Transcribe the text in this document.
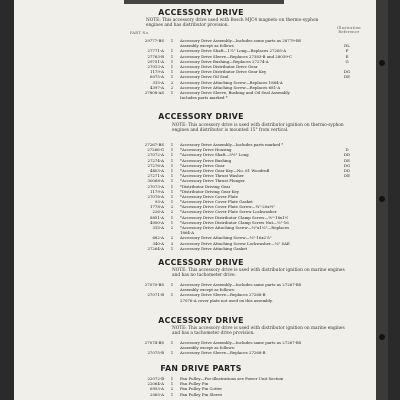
ACCESSORY DRIVE
NOTE: This accessory drive used with Bosch MJC4 magneto on thermo-syphon engines and has distributor provision.
PART No.
Illustration Reference
29777-BS	1	Accessory Drive Assembly—Includes some parts as 28779-BS
Assembly except as follows	DL
27771-A	1	Accessory Drive Shaft—1⅞" Long—Replaces 27265-A	P
27763-B	1	Accessory Drive Sleeve—Replaces 27383-B and 28039-C	E
29751-A	1	Accessory Drive Bushing—Replaces 27274-A	G
27913-A	1	Accessory Drive Distributor Drive Gear
1179-A	1	Accessory Drive Distributor Drive Gear Key	DG
6075-A	1	Accessory Drive Oil Seal	DE
315-A	2	Accessory Drive Attaching Screw—Replaces 1864-A
4397-A	2	Accessory Drive Attaching Screw—Replaces 681-A
27808-AS	1	Accessory Drive Sleeve, Bushing and Oil Seal Assembly
Includes parts marked *
ACCESSORY DRIVE
NOTE: This accessory drive is used with distributor ignition on thermo-syphon engines and distributor is mounted 15° from vertical.
27267-BS	1	Accessory Drive Assembly—Includes parts marked *
27266-G	1	*Accessory Drive Housing	D
27072-A	1	*Accessory Drive Shaft—5½" Long	DD
27274-A	1	*Accessory Drive Bushing	DE
27276-A	1	*Accessory Drive Gear	DG
4403-A	1	*Accessory Drive Gear Key—No. 61 Woodruff	DD
27271-A	1	*Accessory Drive Thrust Washer	DE
30068-A	1	*Accessory Drive Thrust Plunger
27073-A	1	*Distributor Driving Gear
1179-A	1	*Distributor Driving Gear Key
27076-A	1	*Accessory Drive Cover Plate
93-A	1	*Accessory Drive Cover Plate Gasket
1778-A	2	*Accessory Drive Cover Plate Screw—¼"-20x½"
226-A	2	*Accessory Drive Cover Plate Screw Lockwasher
8851-A	1	*Accessory Drive Distributor Clamp Screw—⅜"-16x1⅛
4000-A	1	*Accessory Drive Distributor Clamp Screw Nut—⅜"-16
315-A	2	*Accessory Drive Attaching Screw—⅜"x1⅛"—Replaces
1864-A
682-A	2	Accessory Drive Attaching Screw—⅜"-16x2⅞"
340-A	3	Accessory Drive Attaching Screw Lockwasher—⅜" SAE
27264-A	1	Accessory Drive Attaching Gasket
ACCESSORY DRIVE
NOTE: This accessory drive is used with distributor ignition on marine engines and has no tachometer drive.
27070-BS	1	Accessory Drive Assembly—Includes same parts as 27267-BS
Assembly except as follows:
27071-B	1	Accessory Drive Sleeve—Replaces 27268-B
27076-A cover plate not used on this assembly.
ACCESSORY DRIVE
NOTE: This accessory drive is used with distributor ignition on marine engines and has a tachometer drive provision.
27074-BS	1	Accessory Drive Assembly—Includes same parts as 27267-BS
Assembly except as follows:
27075-B	1	Accessory Drive Sleeve—Replaces 27268-B
FAN DRIVE PARTS
22072-B	1	Fan Pulley—For illustrations see Power Unit Section
22064-A	1	Fan Pulley Pin
6953-A	2	Fan Pulley Pin Cotter
2065-A	1	Fan Pulley Pin Sleeve
